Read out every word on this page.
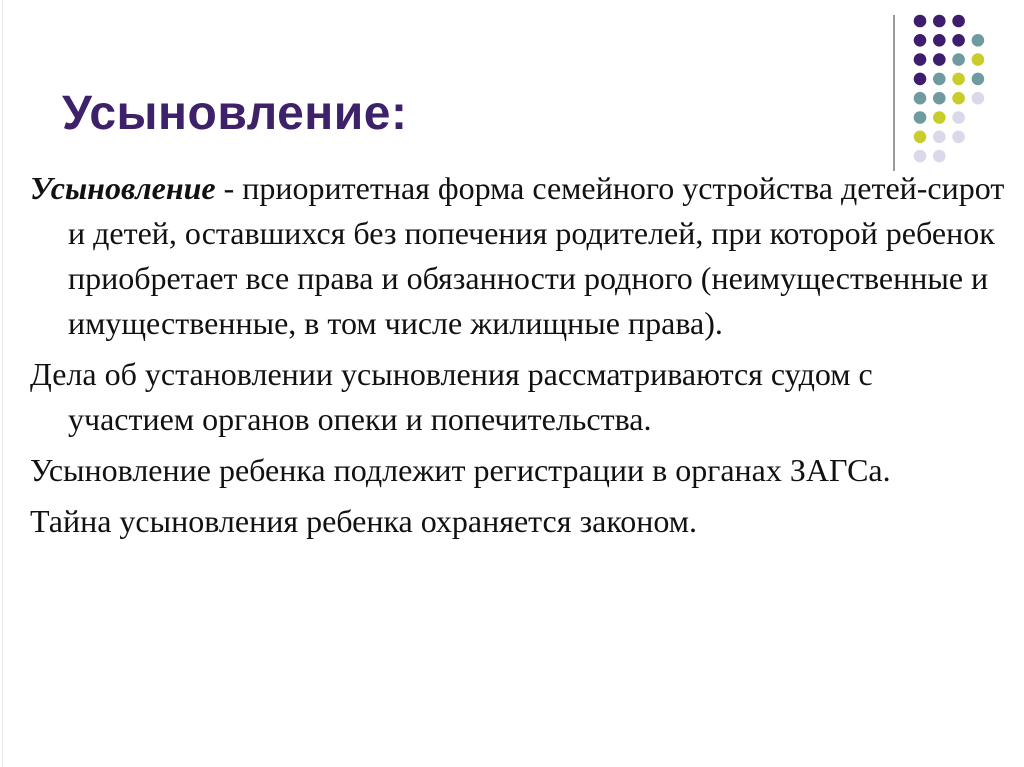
Усыновление:

Усыновление - приоритетная форма семейного устройства детей-сирот и детей, оставшихся без попечения родителей, при которой ребенок приобретает все права и обязанности родного (неимущественные и имущественные, в том числе жилищные права).

Дела об установлении усыновления рассматриваются судом с участием органов опеки и попечительства.

Усыновление ребенка подлежит регистрации в органах ЗАГСа.

Тайна усыновления ребенка охраняется законом.
